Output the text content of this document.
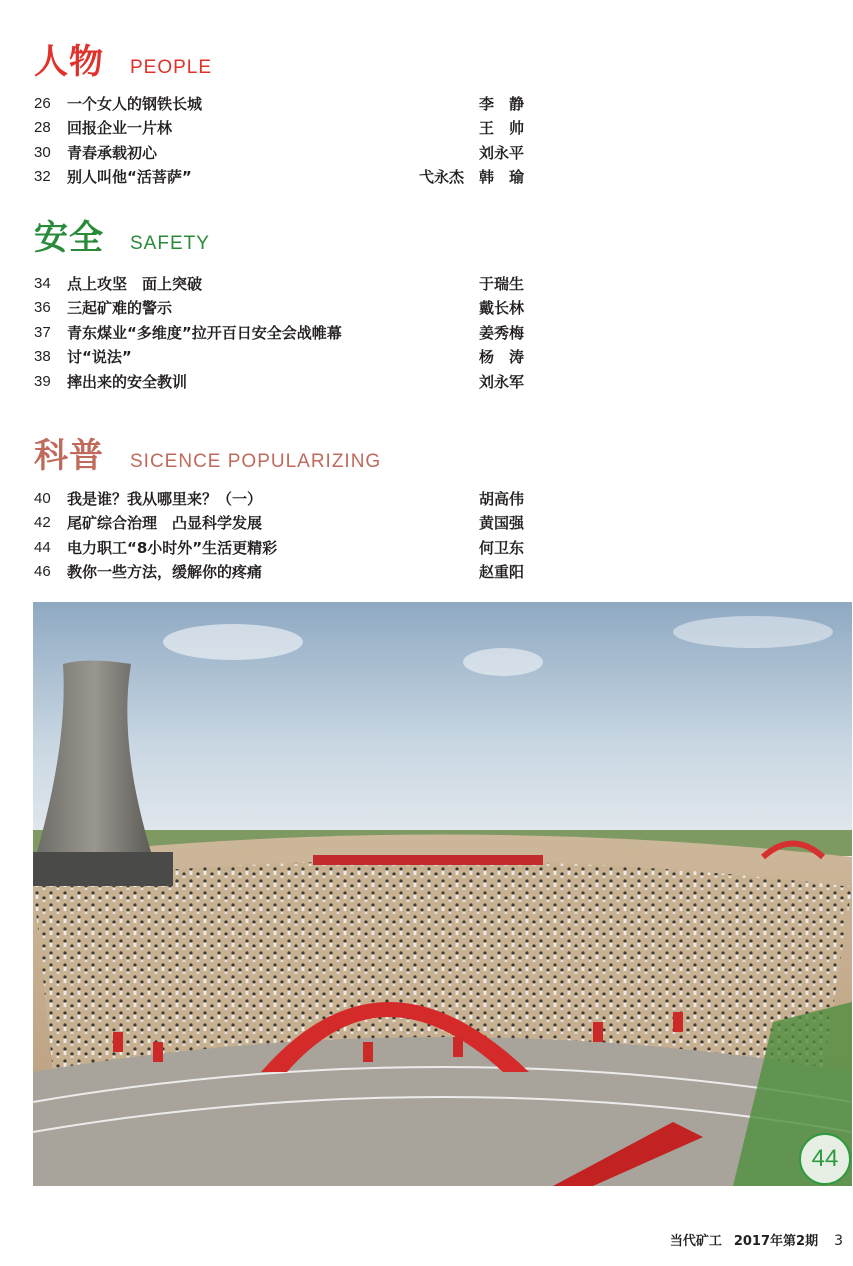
人物 PEOPLE
26	一个女人的钢铁长城	李　静
28	回报企业一片林	王　帅
30	青春承载初心	刘永平
32	别人叫他“活菩萨”	弋永杰　韩　瑜
安全 SAFETY
34	点上攻坚　面上突破	于瑞生
36	三起矿难的警示	戴长林
37	青东煤业“多维度”拉开百日安全会战帷幕	姜秀梅
38	讨“说法”	杨　涛
39	摔出来的安全教训	刘永军
科普 SICENCE POPULARIZING
40	我是谁？我从哪里来？（一）	胡高伟
42	尾矿综合治理　凸显科学发展	黄国强
44	电力职工“8小时外”生活更精彩	何卫东
46	教你一些方法，缓解你的疼痛	赵重阳
44
当代矿工 2017年第2期 3
